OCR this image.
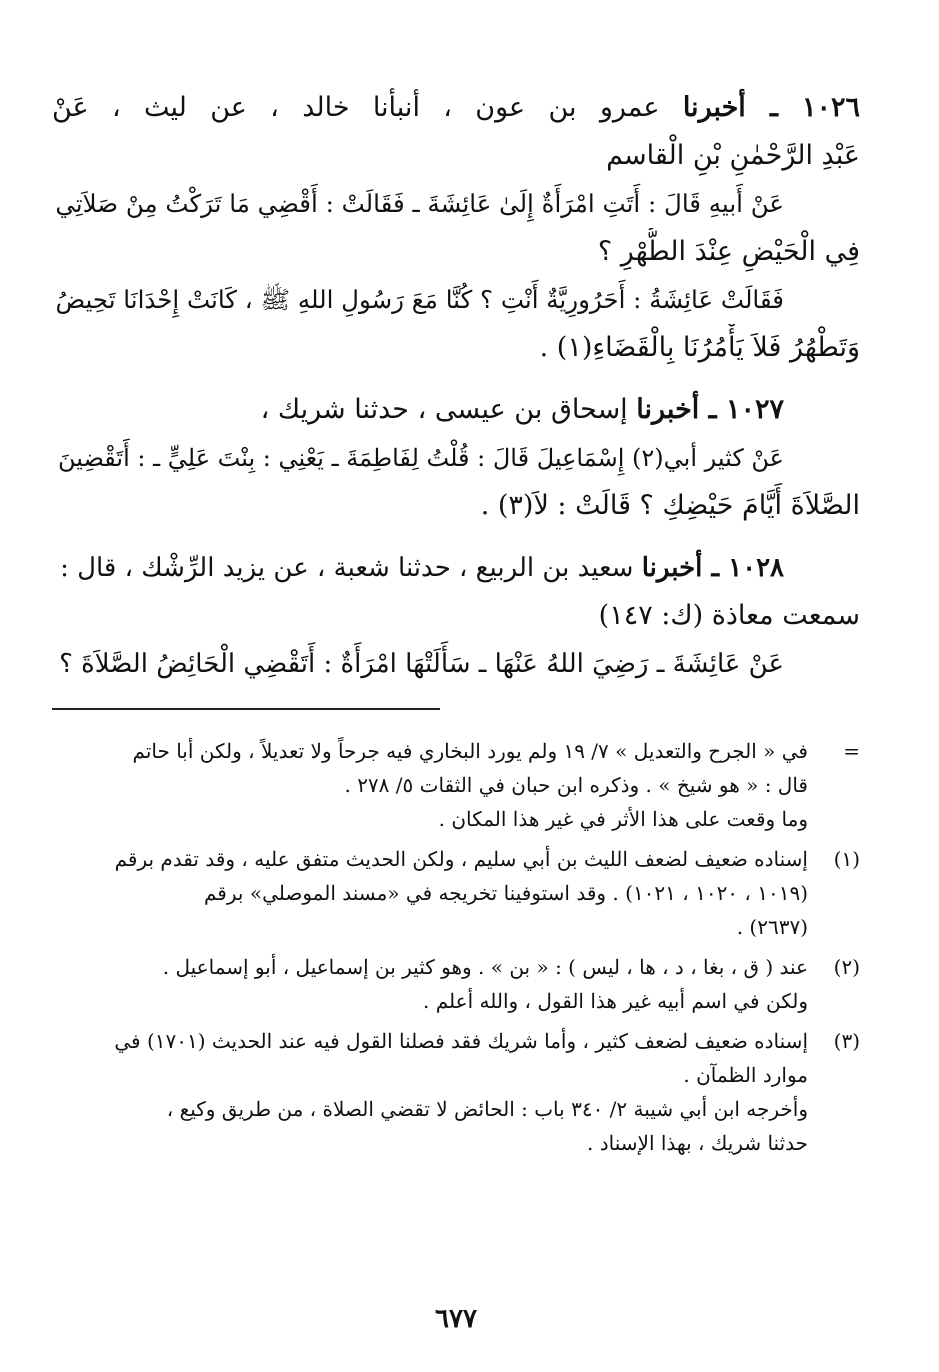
١٠٢٦ ـ أخبرنا عمرو بن عون ، أنبأنا خالد ، عن ليث ، عَنْ

عَبْدِ الرَّحْمٰنِ بْنِ الْقاسم

عَنْ أَبيهِ قَالَ : أَتَتِ امْرَأَةٌ إِلَىٰ عَائِشَةَ ـ فَقَالَتْ : أَقْضِي مَا تَرَكْتُ مِنْ صَلاَتِي

فِي الْحَيْضِ عِنْدَ الطُّهْرِ ؟

فَقَالَتْ عَائِشَةُ : أَحَرُورِيَّةٌ أَنْتِ ؟ كُنَّا مَعَ رَسُولِ اللهِ ﷺ ، كَانَتْ إِحْدَانَا تَحِيضُ

وَتَطْهُرُ فَلاَ يَأْمُرُنَا بِالْقَضَاءِ(١) .

١٠٢٧ ـ أخبرنا إسحاق بن عيسى ، حدثنا شريك ،

عَنْ كثير أبي(٢) إِسْمَاعِيلَ قَالَ : قُلْتُ لِفَاطِمَةَ ـ يَعْنِي : بِنْتَ عَلِيٍّ ـ : أَتَقْضِينَ

الصَّلاَةَ أَيَّامَ حَيْضِكِ ؟ قَالَتْ : لاَ(٣) .

١٠٢٨ ـ أخبرنا سعيد بن الربيع ، حدثنا شعبة ، عن يزيد الرِّشْك ، قال :

سمعت معاذة (ك: ١٤٧)

عَنْ عَائِشَةَ ـ رَضِيَ اللهُ عَنْهَا ـ سَأَلَتْهَا امْرَأَةٌ : أَتَقْضِي الْحَائِضُ الصَّلاَةَ ؟

=

في « الجرح والتعديل » ٧/ ١٩ ولم يورد البخاري فيه جرحاً ولا تعديلاً ، ولكن أبا حاتم

قال : « هو شيخ » . وذكره ابن حبان في الثقات ٥/ ٢٧٨ .

وما وقعت على هذا الأثر في غير هذا المكان .

(١)

إسناده ضعيف لضعف الليث بن أبي سليم ، ولكن الحديث متفق عليه ، وقد تقدم برقم

(١٠١٩ ، ١٠٢٠ ، ١٠٢١) . وقد استوفينا تخريجه في «مسند الموصلي» برقم

(٢٦٣٧) .

(٢)

عند ( ق ، بغا ، د ، ها ، ليس ) : « بن » . وهو كثير بن إسماعيل ، أبو إسماعيل .

ولكن في اسم أبيه غير هذا القول ، والله أعلم .

(٣)

إسناده ضعيف لضعف كثير ، وأما شريك فقد فصلنا القول فيه عند الحديث (١٧٠١) في

موارد الظمآن .

وأخرجه ابن أبي شيبة ٢/ ٣٤٠ باب : الحائض لا تقضي الصلاة ، من طريق وكيع ،

حدثنا شريك ، بهذا الإسناد .

٦٧٧
